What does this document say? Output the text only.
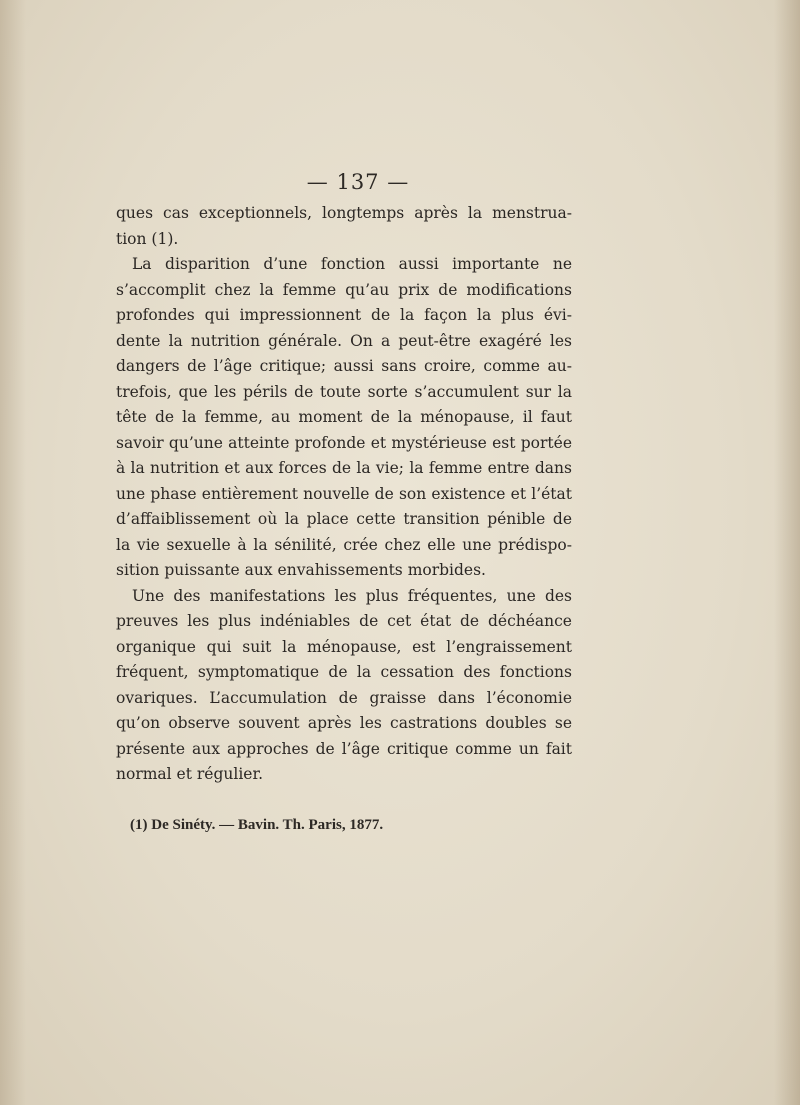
— 137 —
ques cas exceptionnels, longtemps après la menstrua-
tion (1).
La disparition d’une fonction aussi importante ne
s’accomplit chez la femme qu’au prix de modifications
profondes qui impressionnent de la façon la plus évi-
dente la nutrition générale. On a peut-être exagéré les
dangers de l’âge critique; aussi sans croire, comme au-
trefois, que les périls de toute sorte s’accumulent sur la
tête de la femme, au moment de la ménopause, il faut
savoir qu’une atteinte profonde et mystérieuse est portée
à la nutrition et aux forces de la vie; la femme entre dans
une phase entièrement nouvelle de son existence et l’état
d’affaiblissement où la place cette transition pénible de
la vie sexuelle à la sénilité, crée chez elle une prédispo-
sition puissante aux envahissements morbides.
Une des manifestations les plus fréquentes, une des
preuves les plus indéniables de cet état de déchéance
organique qui suit la ménopause, est l’engraissement
fréquent, symptomatique de la cessation des fonctions
ovariques. L’accumulation de graisse dans l’économie
qu’on observe souvent après les castrations doubles se
présente aux approches de l’âge critique comme un fait
normal et régulier.
(1) De Sinéty. — Bavin. Th. Paris, 1877.
